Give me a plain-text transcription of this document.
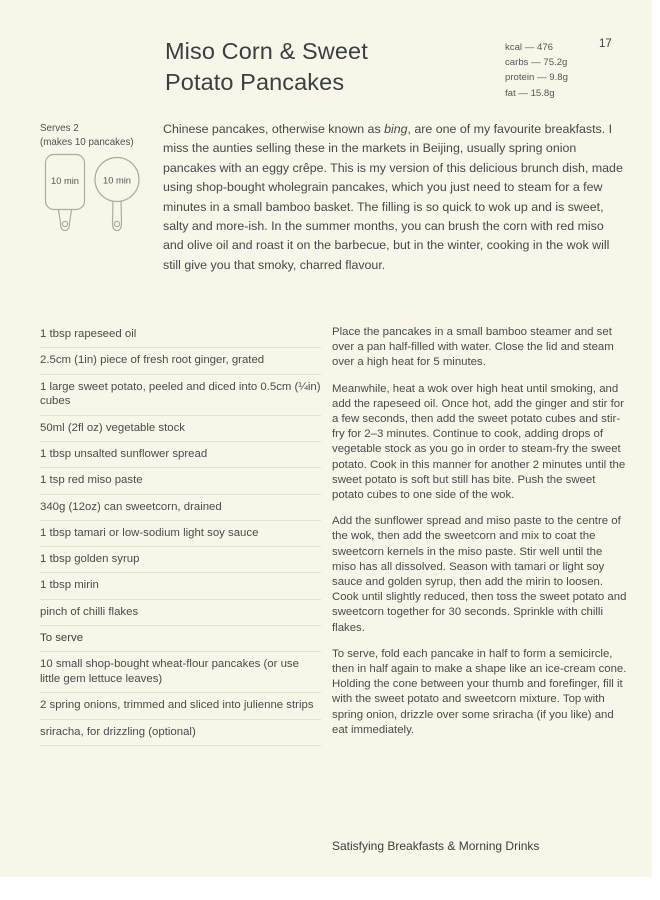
Miso Corn & Sweet
Potato Pancakes
kcal — 476
carbs — 75.2g
protein — 9.8g
fat — 15.8g
17
Serves 2
(makes 10 pancakes)
10 min	10 min
Chinese pancakes, otherwise known as bing, are one of my favourite breakfasts. I miss the aunties selling these in the markets in Beijing, usually spring onion pancakes with an eggy crêpe. This is my version of this delicious brunch dish, made using shop-bought wholegrain pancakes, which you just need to steam for a few minutes in a small bamboo basket. The filling is so quick to wok up and is sweet, salty and more-ish. In the summer months, you can brush the corn with red miso and olive oil and roast it on the barbecue, but in the winter, cooking in the wok will still give you that smoky, charred flavour.
1 tbsp rapeseed oil
2.5cm (1in) piece of fresh root ginger, grated
1 large sweet potato, peeled and diced into 0.5cm (¼in) cubes
50ml (2fl oz) vegetable stock
1 tbsp unsalted sunflower spread
1 tsp red miso paste
340g (12oz) can sweetcorn, drained
1 tbsp tamari or low-sodium light soy sauce
1 tbsp golden syrup
1 tbsp mirin
pinch of chilli flakes
To serve
10 small shop-bought wheat-flour pancakes (or use little gem lettuce leaves)
2 spring onions, trimmed and sliced into julienne strips
sriracha, for drizzling (optional)

Place the pancakes in a small bamboo steamer and set over a pan half-filled with water. Close the lid and steam over a high heat for 5 minutes.

Meanwhile, heat a wok over high heat until smoking, and add the rapeseed oil. Once hot, add the ginger and stir for a few seconds, then add the sweet potato cubes and stir-fry for 2–3 minutes. Continue to cook, adding drops of vegetable stock as you go in order to steam-fry the sweet potato. Cook in this manner for another 2 minutes until the sweet potato is soft but still has bite. Push the sweet potato cubes to one side of the wok.

Add the sunflower spread and miso paste to the centre of the wok, then add the sweetcorn and mix to coat the sweetcorn kernels in the miso paste. Stir well until the miso has all dissolved. Season with tamari or light soy sauce and golden syrup, then add the mirin to loosen. Cook until slightly reduced, then toss the sweet potato and sweetcorn together for 30 seconds. Sprinkle with chilli flakes.

To serve, fold each pancake in half to form a semicircle, then in half again to make a shape like an ice-cream cone. Holding the cone between your thumb and forefinger, fill it with the sweet potato and sweetcorn mixture. Top with spring onion, drizzle over some sriracha (if you like) and eat immediately.

Satisfying Breakfasts & Morning Drinks
